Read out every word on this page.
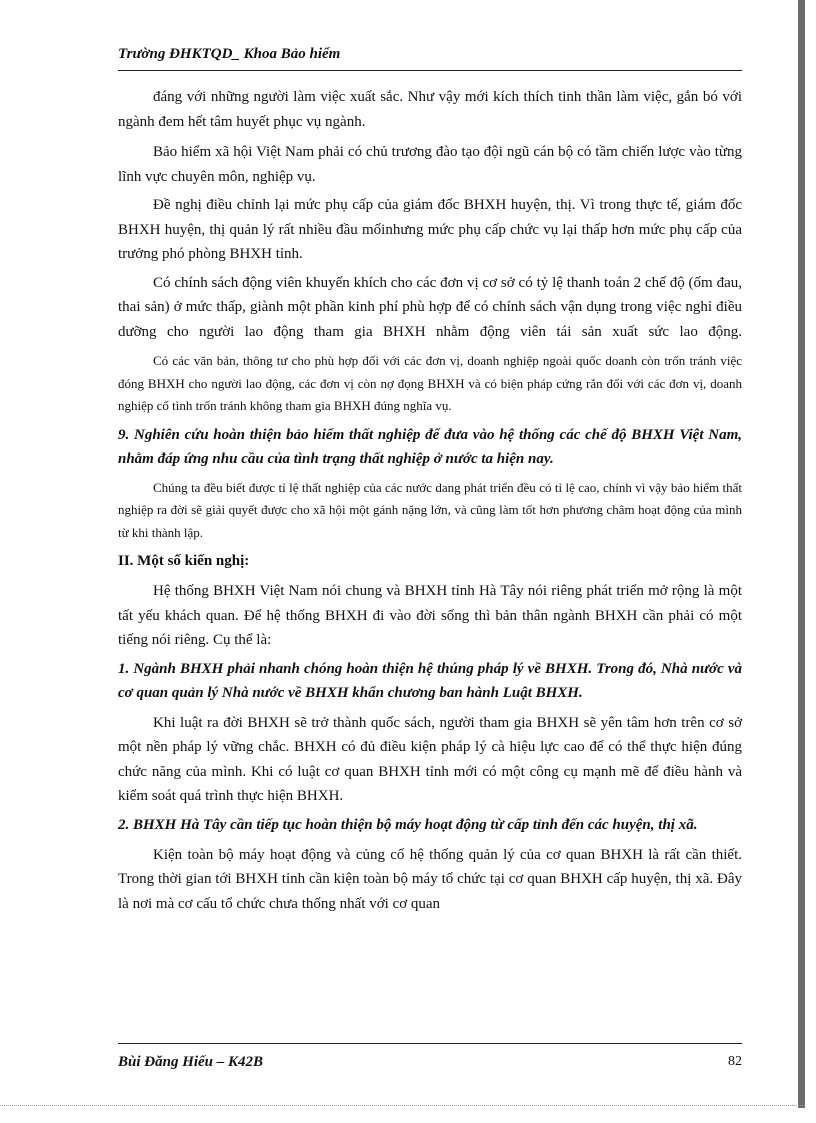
Trường ĐHKTQD_ Khoa Bảo hiểm

đáng với những người làm việc xuất sắc. Như vậy mới kích thích tinh thần làm việc, gắn bó với ngành đem hết tâm huyết phục vụ ngành.

Bảo hiểm xã hội Việt Nam phải có chủ trương đào tạo đội ngũ cán bộ có tầm chiến lược vào từng lĩnh vực chuyên môn, nghiệp vụ.

Đề nghị điều chỉnh lại mức phụ cấp của giám đốc BHXH huyện, thị. Vì trong thực tế, giám đốc BHXH huyện, thị quản lý rất nhiều đầu mốinhưng mức phụ cấp chức vụ lại thấp hơn mức phụ cấp của trưởng phó phòng BHXH tỉnh.

Có chính sách động viên khuyến khích cho các đơn vị cơ sở có tỷ lệ thanh toán 2 chế độ (ốm đau, thai sản) ở mức thấp, giành một phần kinh phí phù hợp để có chính sách vận dụng trong việc nghỉ điều dưỡng cho người lao động tham gia BHXH nhằm động viên tái sản xuất sức lao động.

Có các văn bản, thông tư cho phù hợp đối với các đơn vị, doanh nghiệp ngoài quốc doanh còn trốn tránh việc đóng BHXH cho người lao động, các đơn vị còn nợ đọng BHXH và có biện pháp cứng rắn đối với các đơn vị, doanh nghiệp cố tình trốn tránh không tham gia BHXH đúng nghĩa vụ.

9. Nghiên cứu hoàn thiện bảo hiểm thất nghiệp để đưa vào hệ thống các chế độ BHXH Việt Nam, nhằm đáp ứng nhu cầu của tình trạng thất nghiệp ở nước ta hiện nay.

Chúng ta đều biết được tỉ lệ thất nghiệp của các nước dang phát triển đều có tỉ lệ cao, chính vì vậy bảo hiểm thất nghiệp ra đời sẽ giải quyết được cho xã hội một gánh nặng lớn, và cũng làm tốt hơn phương châm hoạt động của mình từ khi thành lập.

II. Một số kiến nghị:

Hệ thống BHXH Việt Nam nói chung và BHXH tỉnh Hà Tây nói riêng phát triển mở rộng là một tất yếu khách quan. Để hệ thống BHXH đi vào đời sống thì bản thân ngành BHXH cần phải có một tiếng nói riêng. Cụ thể là:

1. Ngành BHXH phải nhanh chóng hoàn thiện hệ thúng pháp lý về BHXH. Trong đó, Nhà nước và cơ quan quản lý Nhà nước về BHXH khẩn chương ban hành Luật BHXH.

Khi luật ra đời BHXH sẽ trở thành quốc sách, người tham gia BHXH sẽ yên tâm hơn trên cơ sở một nền pháp lý vững chắc. BHXH có đủ điều kiện pháp lý cà hiệu lực cao để có thể thực hiện đúng chức năng của mình. Khi có luật cơ quan BHXH tỉnh mới có một công cụ mạnh mẽ để điều hành và kiểm soát quá trình thực hiện BHXH.

2. BHXH Hà Tây cần tiếp tục hoàn thiện bộ máy hoạt động từ cấp tỉnh đến các huyện, thị xã.

Kiện toàn bộ máy hoạt động và củng cố hệ thống quản lý của cơ quan BHXH là rất cần thiết. Trong thời gian tới BHXH tỉnh cần kiện toàn bộ máy tổ chức tại cơ quan BHXH cấp huyện, thị xã. Đây là nơi mà cơ cấu tổ chức chưa thống nhất với cơ quan

Bùi Đăng Hiếu – K42B	82
